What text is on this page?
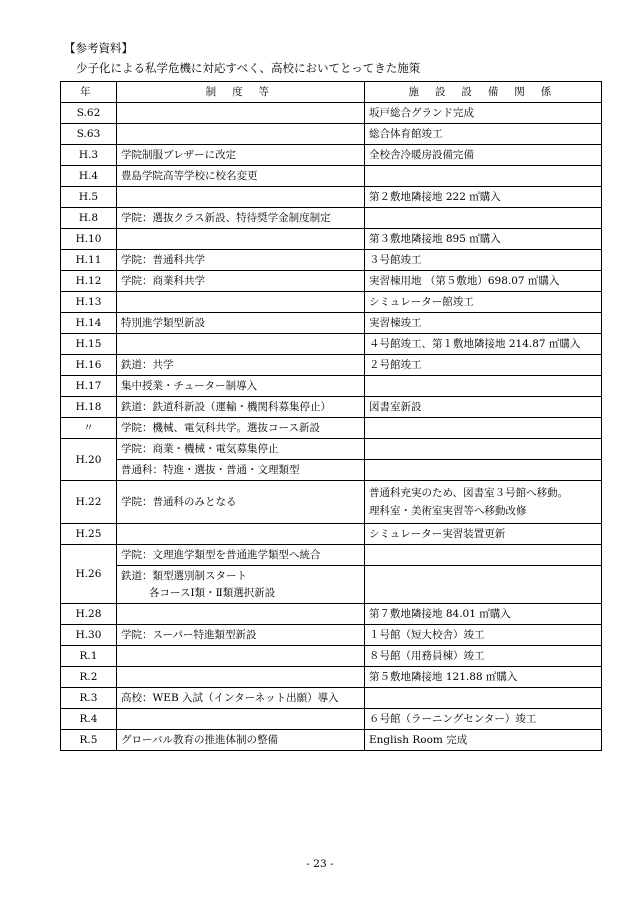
【参考資料】
少子化による私学危機に対応すべく、高校においてとってきた施策
年	制 度 等	施 設 設 備 関 係
S.62		坂戸総合グランド完成
S.63		総合体育館竣工
H.3	学院制服ブレザーに改定	全校舎冷暖房設備完備
H.4	豊島学院高等学校に校名変更	
H.5		第２敷地隣接地 222 ㎡購入
H.8	学院：選抜クラス新設、特待奨学金制度制定	
H.10		第３敷地隣接地 895 ㎡購入
H.11	学院：普通科共学	３号館竣工
H.12	学院：商業科共学	実習棟用地 （第５敷地）698.07 ㎡購入
H.13		シミュレーター館竣工
H.14	特別進学類型新設	実習棟竣工
H.15		４号館竣工、第１敷地隣接地 214.87 ㎡購入
H.16	鉄道：共学	２号館竣工
H.17	集中授業・チューター制導入	
H.18	鉄道：鉄道科新設（運輸・機関科募集停止）	図書室新設
〃	学院：機械、電気科共学。選抜コース新設	
H.20	学院：商業・機械・電気募集停止	
	普通科：特進・選抜・普通・文理類型	
H.22	学院：普通科のみとなる	普通科充実のため、図書室３号館へ移動。
理科室・美術室実習等へ移動改修

H.25		シミュレーター実習装置更新
H.26	学院：文理進学類型を普通進学類型へ統合	

	鉄道：類型選別制スタート
各コースⅠ類・Ⅱ類選択新設	

H.28		第７敷地隣接地 84.01 ㎡購入
H.30	学院：スーパー特進類型新設	１号館（短大校舎）竣工
R.1		８号館（用務員棟）竣工
R.2		第５敷地隣接地 121.88 ㎡購入
R.3	高校：WEB 入試（インターネット出願）導入	
R.4		６号館（ラーニングセンター）竣工
R.5	グローバル教育の推進体制の整備	English Room 完成
- 23 -
